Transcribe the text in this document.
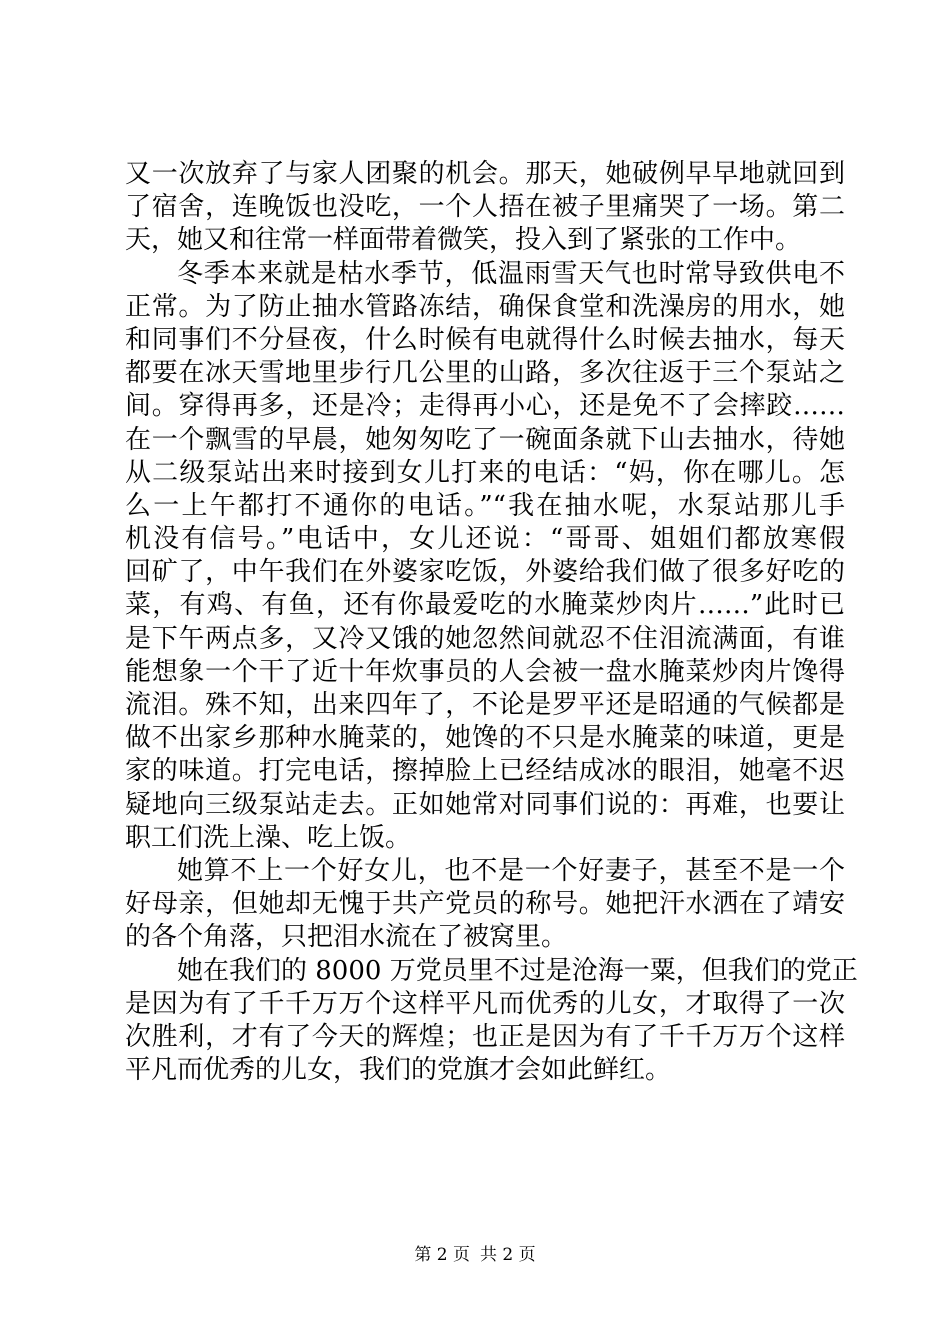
又一次放弃了与家人团聚的机会。那天，她破例早早地就回到
了宿舍，连晚饭也没吃，一个人捂在被子里痛哭了一场。第二
天，她又和往常一样面带着微笑，投入到了紧张的工作中。
冬季本来就是枯水季节，低温雨雪天气也时常导致供电不
正常。为了防止抽水管路冻结，确保食堂和洗澡房的用水，她
和同事们不分昼夜，什么时候有电就得什么时候去抽水，每天
都要在冰天雪地里步行几公里的山路，多次往返于三个泵站之
间。穿得再多，还是冷；走得再小心，还是免不了会摔跤……
在一个飘雪的早晨，她匆匆吃了一碗面条就下山去抽水，待她
从二级泵站出来时接到女儿打来的电话：“妈，你在哪儿。怎
么一上午都打不通你的电话。”“我在抽水呢，水泵站那儿手
机没有信号。”电话中，女儿还说：“哥哥、姐姐们都放寒假
回矿了，中午我们在外婆家吃饭，外婆给我们做了很多好吃的
菜，有鸡、有鱼，还有你最爱吃的水腌菜炒肉片……”此时已
是下午两点多，又冷又饿的她忽然间就忍不住泪流满面，有谁
能想象一个干了近十年炊事员的人会被一盘水腌菜炒肉片馋得
流泪。殊不知，出来四年了，不论是罗平还是昭通的气候都是
做不出家乡那种水腌菜的，她馋的不只是水腌菜的味道，更是
家的味道。打完电话，擦掉脸上已经结成冰的眼泪，她毫不迟
疑地向三级泵站走去。正如她常对同事们说的：再难，也要让
职工们洗上澡、吃上饭。
她算不上一个好女儿，也不是一个好妻子，甚至不是一个
好母亲，但她却无愧于共产党员的称号。她把汗水洒在了靖安
的各个角落，只把泪水流在了被窝里。
她在我们的 8000 万党员里不过是沧海一粟，但我们的党正
是因为有了千千万万个这样平凡而优秀的儿女，才取得了一次
次胜利，才有了今天的辉煌；也正是因为有了千千万万个这样
平凡而优秀的儿女，我们的党旗才会如此鲜红。
第 2 页 共 2 页
